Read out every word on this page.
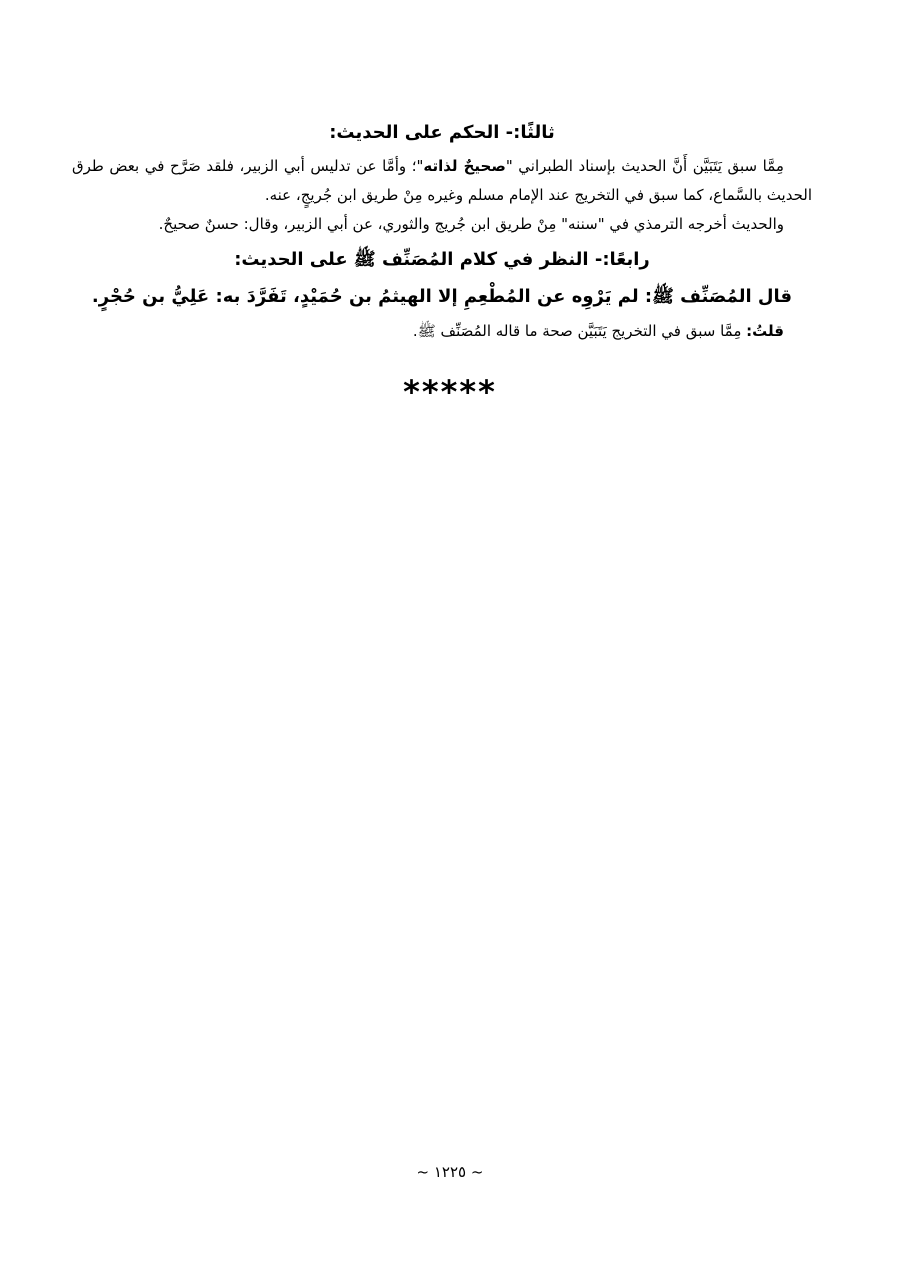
ثالثًا:- الحكم على الحديث:

مِمَّا سبق يَتَبَيَّن أَنَّ الحديث بإسناد الطبراني "صحيحٌ لذاته"؛ وأمَّا عن تدليس أبي الزبير، فلقد صَرَّح في بعض طرق الحديث بالسَّماع، كما سبق في التخريج عند الإمام مسلم وغيره مِنْ طريق ابن جُريجٍ، عنه.

والحديث أخرجه الترمذي في "سننه" مِنْ طريق ابن جُريج والثوري، عن أبي الزبير، وقال: حسنٌ صحيحٌ.

رابعًا:- النظر في كلام المُصَنِّف ﷺ على الحديث:

قال المُصَنِّف ﷺ: لم يَرْوِه عن المُطْعِمِ إلا الهيثمُ بن حُمَيْدٍ، تَفَرَّدَ به: عَلِيُّ بن حُجْرٍ.

قلتُ: مِمَّا سبق في التخريج يَتَبَيَّن صحة ما قاله المُصَنِّف ﷺ.

*****
~ ١٢٢٥ ~
